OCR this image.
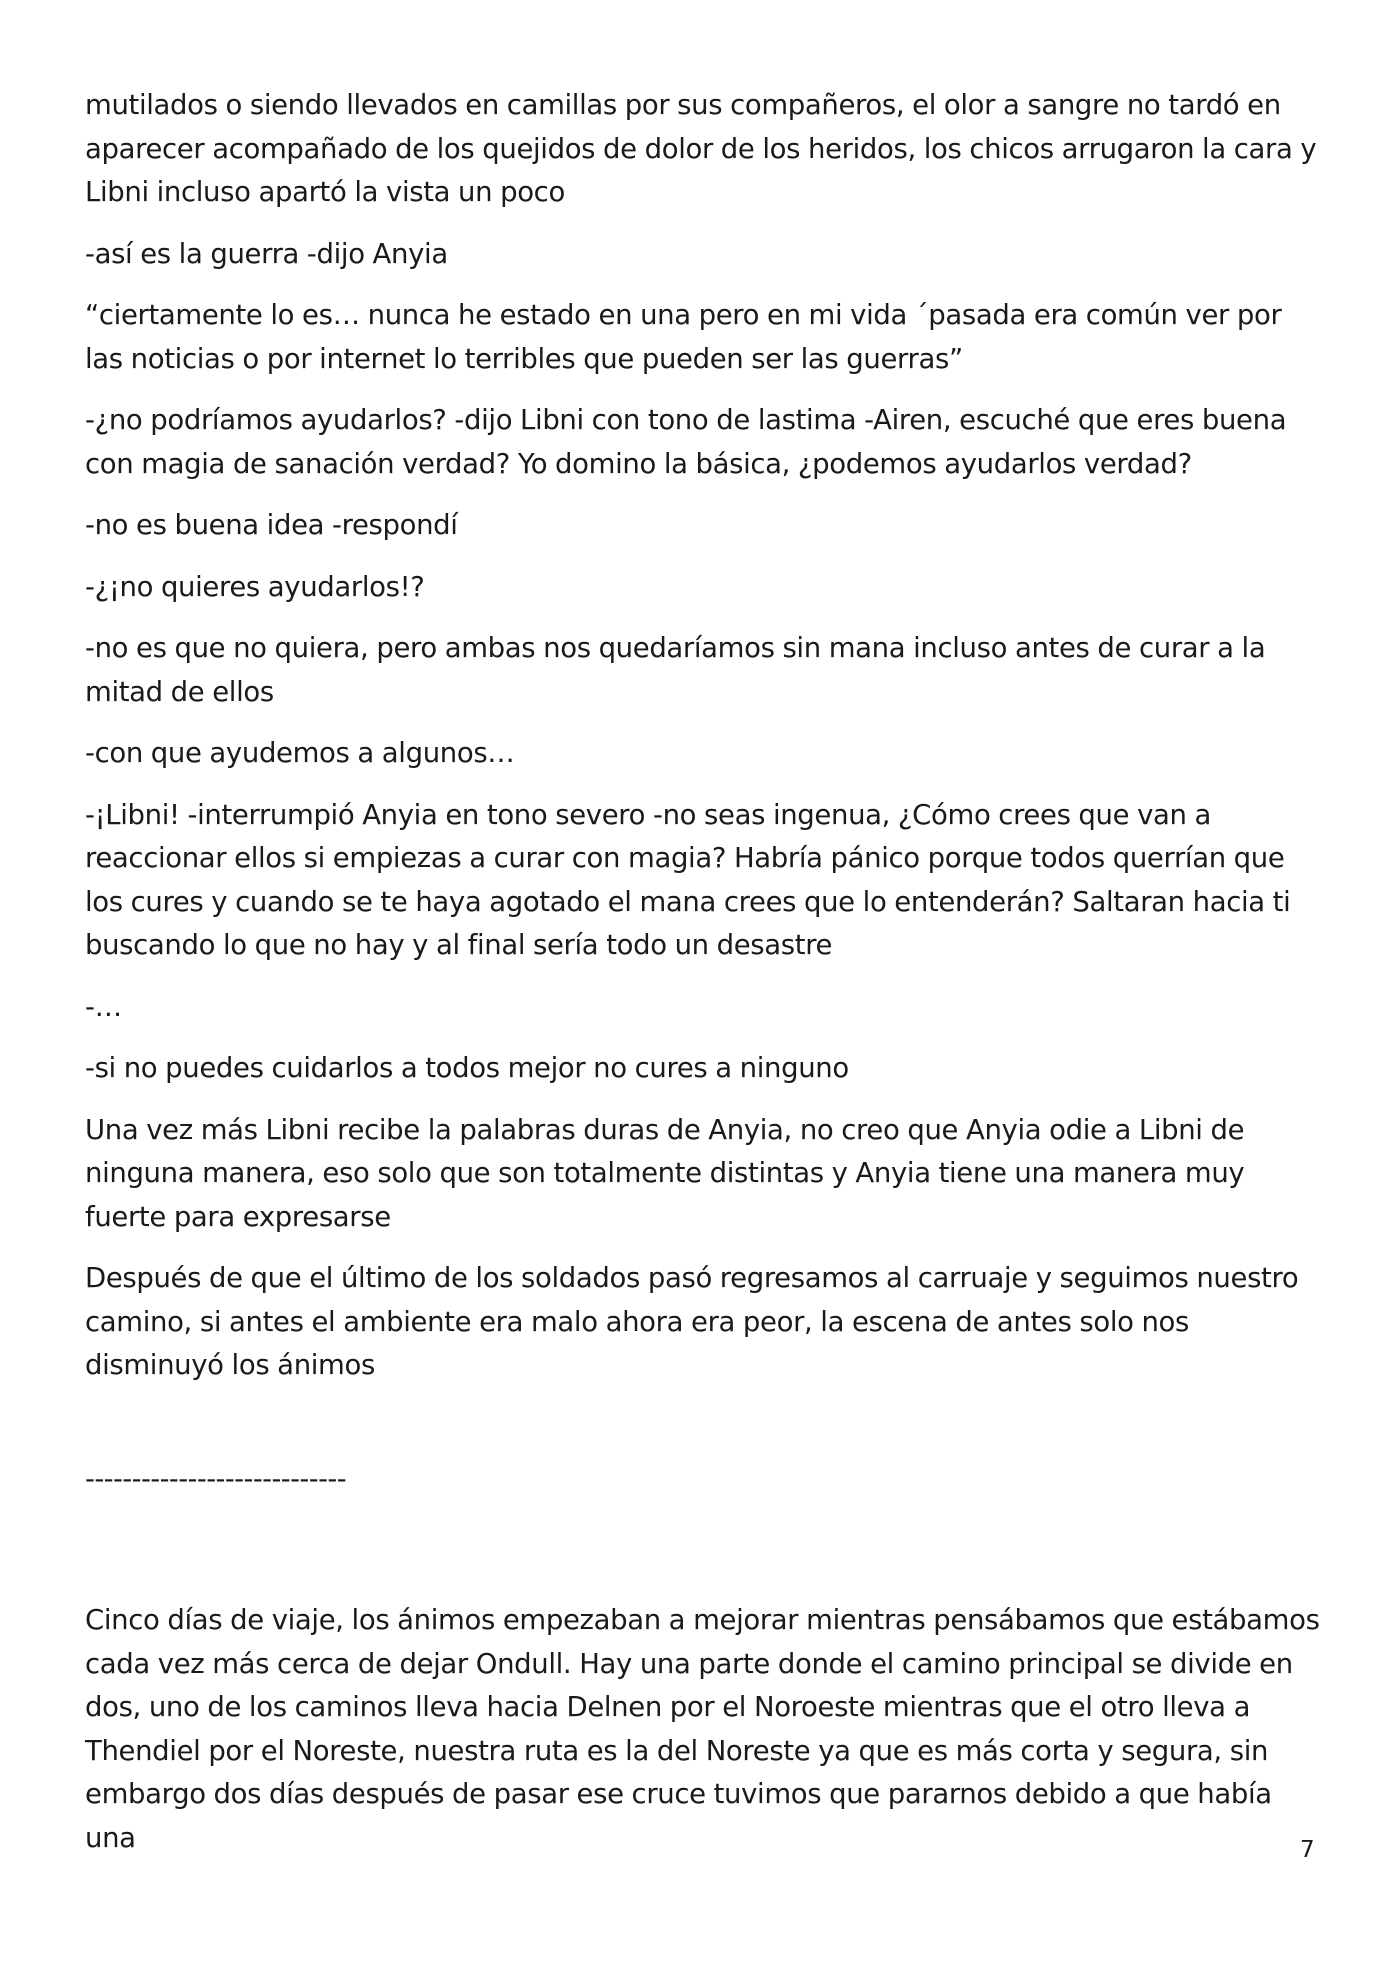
mutilados o siendo llevados en camillas por sus compañeros, el olor a sangre no tardó en aparecer acompañado de los quejidos de dolor de los heridos, los chicos arrugaron la cara y Libni incluso apartó la vista un poco

-así es la guerra -dijo Anyia

“ciertamente lo es… nunca he estado en una pero en mi vida ´pasada era común ver por las noticias o por internet lo terribles que pueden ser las guerras”

-¿no podríamos ayudarlos? -dijo Libni con tono de lastima -Airen, escuché que eres buena con magia de sanación verdad? Yo domino la básica, ¿podemos ayudarlos verdad?

-no es buena idea -respondí

-¿¡no quieres ayudarlos!?

-no es que no quiera, pero ambas nos quedaríamos sin mana incluso antes de curar a la mitad de ellos

-con que ayudemos a algunos…

-¡Libni! -interrumpió Anyia en tono severo -no seas ingenua, ¿Cómo crees que van a reaccionar ellos si empiezas a curar con magia? Habría pánico porque todos querrían que los cures y cuando se te haya agotado el mana crees que lo entenderán? Saltaran hacia ti buscando lo que no hay y al final sería todo un desastre

-…

-si no puedes cuidarlos a todos mejor no cures a ninguno

Una vez más Libni recibe la palabras duras de Anyia, no creo que Anyia odie a Libni de ninguna manera, eso solo que son totalmente distintas y Anyia tiene una manera muy fuerte para expresarse

Después de que el último de los soldados pasó regresamos al carruaje y seguimos nuestro camino, si antes el ambiente era malo ahora era peor, la escena de antes solo nos disminuyó los ánimos

----------------------------

Cinco días de viaje, los ánimos empezaban a mejorar mientras pensábamos que estábamos cada vez más cerca de dejar Ondull. Hay una parte donde el camino principal se divide en dos, uno de los caminos lleva hacia Delnen por el Noroeste mientras que el otro lleva a Thendiel por el Noreste, nuestra ruta es la del Noreste ya que es más corta y segura, sin embargo dos días después de pasar ese cruce tuvimos que pararnos debido a que había una	7
